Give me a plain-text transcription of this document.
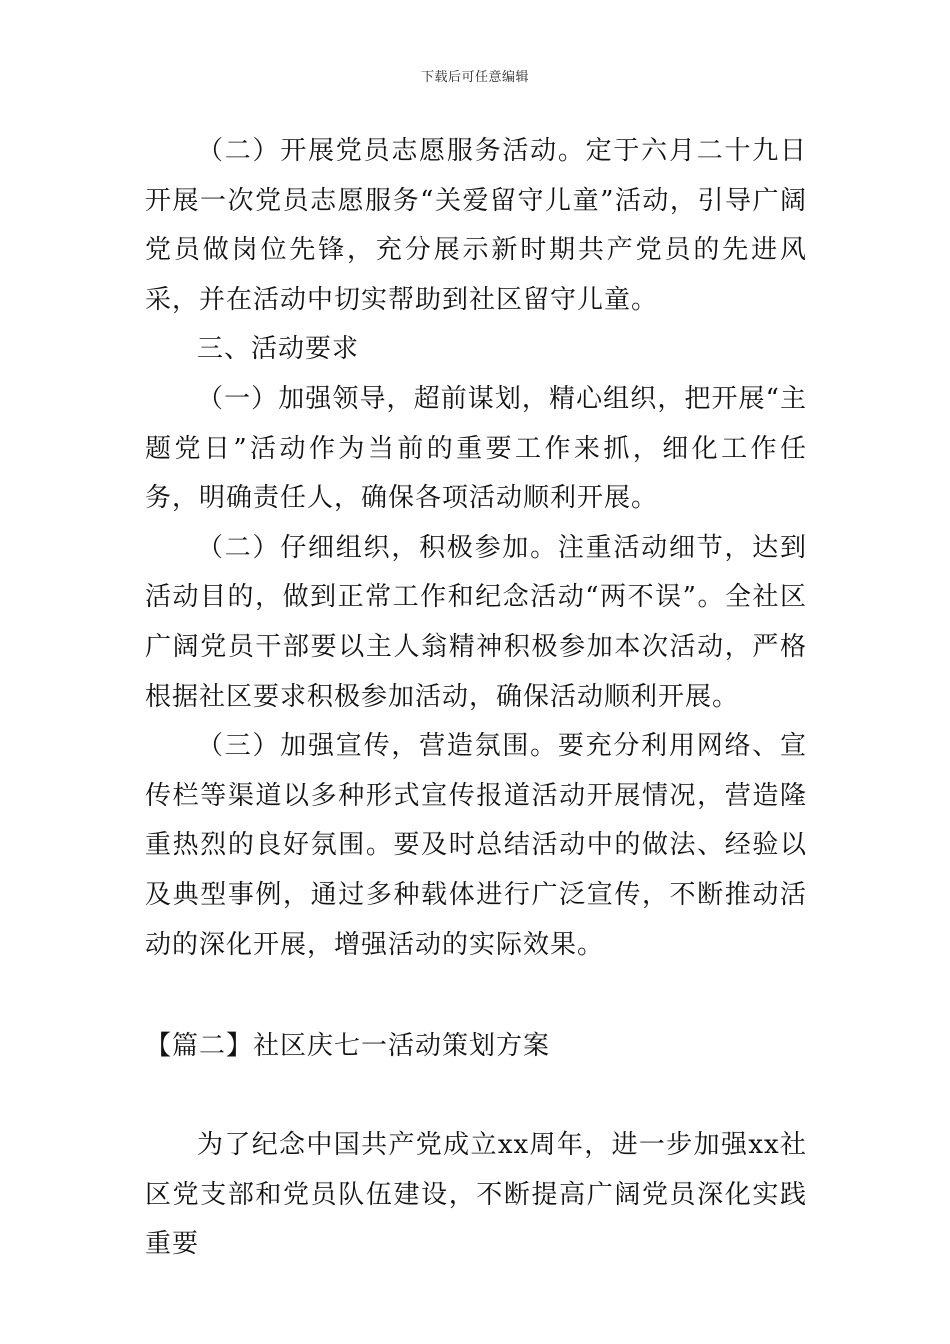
下载后可任意编辑

（二）开展党员志愿服务活动。定于六月二十九日开展一次党员志愿服务“关爱留守儿童”活动，引导广阔党员做岗位先锋，充分展示新时期共产党员的先进风采，并在活动中切实帮助到社区留守儿童。

三、活动要求

（一）加强领导，超前谋划，精心组织，把开展“主题党日”活动作为当前的重要工作来抓，细化工作任务，明确责任人，确保各项活动顺利开展。

（二）仔细组织，积极参加。注重活动细节，达到活动目的，做到正常工作和纪念活动“两不误”。全社区广阔党员干部要以主人翁精神积极参加本次活动，严格根据社区要求积极参加活动，确保活动顺利开展。

（三）加强宣传，营造氛围。要充分利用网络、宣传栏等渠道以多种形式宣传报道活动开展情况，营造隆重热烈的良好氛围。要及时总结活动中的做法、经验以及典型事例，通过多种载体进行广泛宣传，不断推动活动的深化开展，增强活动的实际效果。

【篇二】社区庆七一活动策划方案

为了纪念中国共产党成立xx周年，进一步加强xx社区党支部和党员队伍建设，不断提高广阔党员深化实践重要
